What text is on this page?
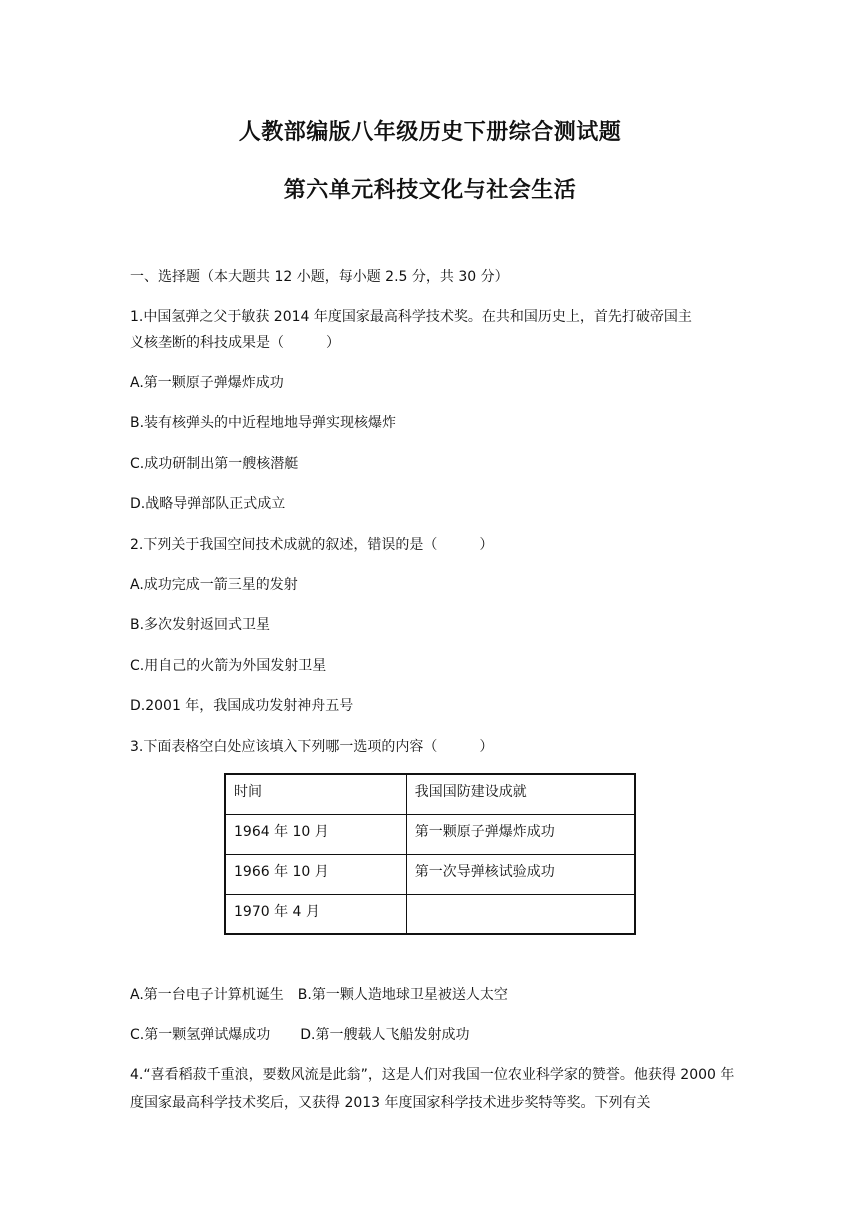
人教部编版八年级历史下册综合测试题
第六单元科技文化与社会生活
一、选择题（本大题共 12 小题，每小题 2.5 分，共 30 分）
1.中国氢弹之父于敏获 2014 年度国家最高科学技术奖。在共和国历史上，首先打破帝国主
义核垄断的科技成果是（　　　）
A.第一颗原子弹爆炸成功
B.装有核弹头的中近程地地导弹实现核爆炸
C.成功研制出第一艘核潜艇
D.战略导弹部队正式成立
2.下列关于我国空间技术成就的叙述，错误的是（　　　）
A.成功完成一箭三星的发射
B.多次发射返回式卫星
C.用自己的火箭为外国发射卫星
D.2001 年，我国成功发射神舟五号
3.下面表格空白处应该填入下列哪一选项的内容（　　　）
时间	我国国防建设成就
1964 年 10 月	第一颗原子弹爆炸成功
1966 年 10 月	第一次导弹核试验成功
1970 年 4 月	
A.第一台电子计算机诞生 B.第一颗人造地球卫星被送人太空
C.第一颗氢弹试爆成功 D.第一艘载人飞船发射成功
4.“喜看稻菽千重浪，要数风流是此翁”，这是人们对我国一位农业科学家的赞誉。他获得 2000 年度国家最高科学技术奖后，又获得 2013 年度国家科学技术进步奖特等奖。下列有关
